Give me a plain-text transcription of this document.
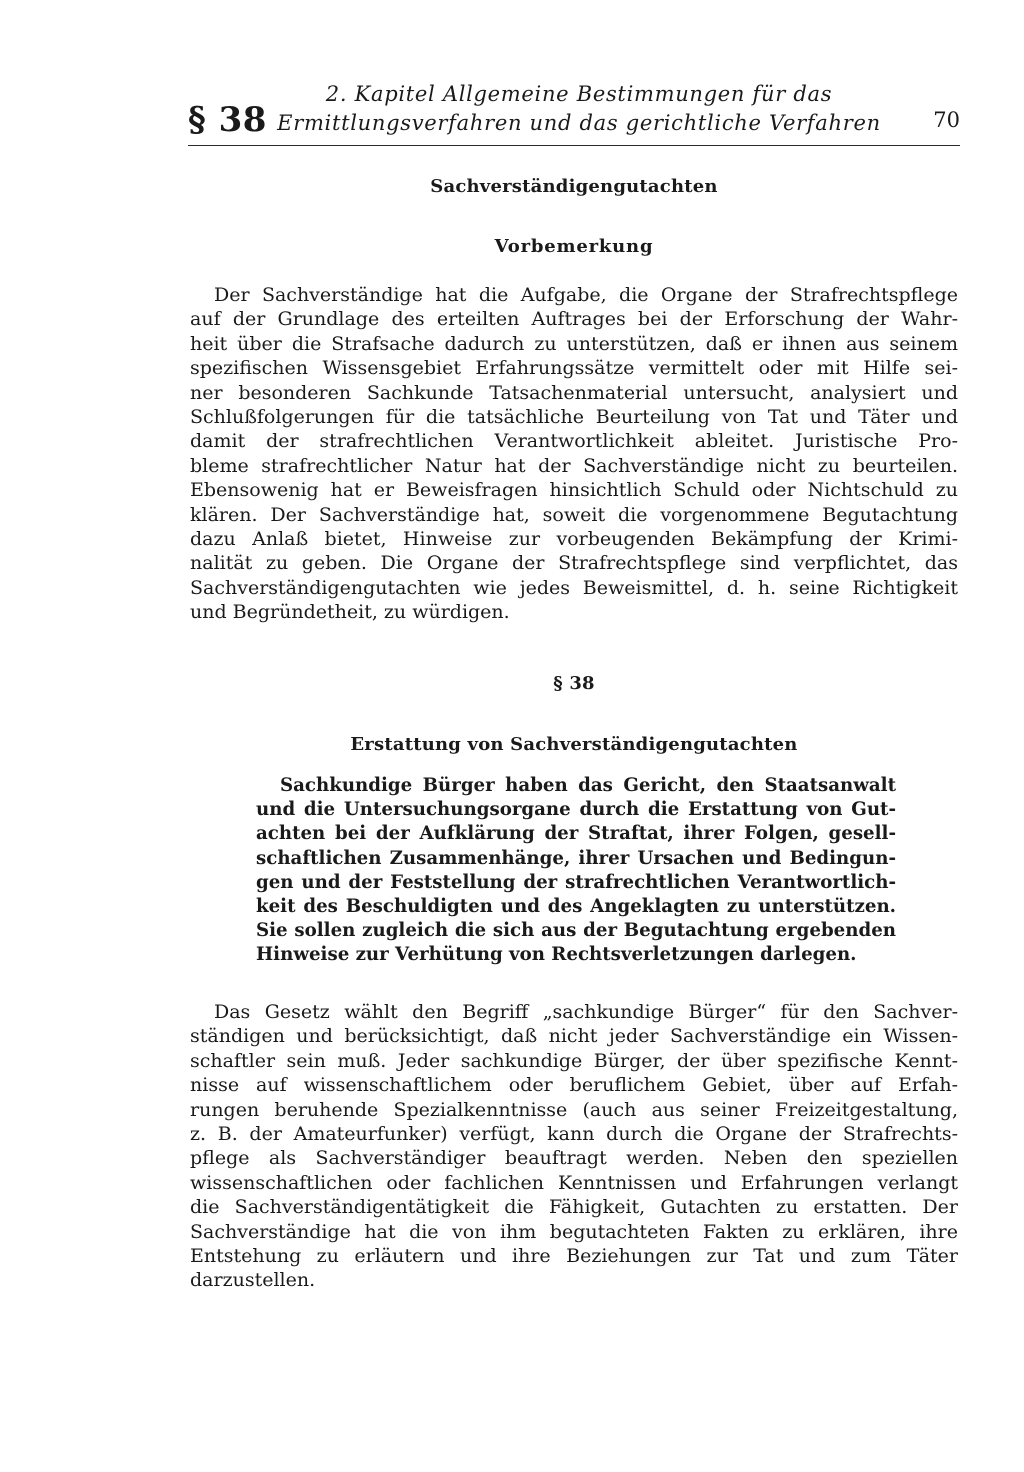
§ 38
2. Kapitel Allgemeine Bestimmungen für das
Ermittlungsverfahren und das gerichtliche Verfahren	70
Sachverständigengutachten
Vorbemerkung
Der Sachverständige hat die Aufgabe, die Organe der Strafrechtspflege
auf der Grundlage des erteilten Auftrages bei der Erforschung der Wahr-
heit über die Strafsache dadurch zu unterstützen, daß er ihnen aus seinem
spezifischen Wissensgebiet Erfahrungssätze vermittelt oder mit Hilfe sei-
ner besonderen Sachkunde Tatsachenmaterial untersucht, analysiert und
Schlußfolgerungen für die tatsächliche Beurteilung von Tat und Täter und
damit der strafrechtlichen Verantwortlichkeit ableitet. Juristische Pro-
bleme strafrechtlicher Natur hat der Sachverständige nicht zu beurteilen.
Ebensowenig hat er Beweisfragen hinsichtlich Schuld oder Nichtschuld zu
klären. Der Sachverständige hat, soweit die vorgenommene Begutachtung
dazu Anlaß bietet, Hinweise zur vorbeugenden Bekämpfung der Krimi-
nalität zu geben. Die Organe der Strafrechtspflege sind verpflichtet, das
Sachverständigengutachten wie jedes Beweismittel, d. h. seine Richtigkeit
und Begründetheit, zu würdigen.
§ 38
Erstattung von Sachverständigengutachten
Sachkundige Bürger haben das Gericht, den Staatsanwalt
und die Untersuchungsorgane durch die Erstattung von Gut-
achten bei der Aufklärung der Straftat, ihrer Folgen, gesell-
schaftlichen Zusammenhänge, ihrer Ursachen und Bedingun-
gen und der Feststellung der strafrechtlichen Verantwortlich-
keit des Beschuldigten und des Angeklagten zu unterstützen.
Sie sollen zugleich die sich aus der Begutachtung ergebenden
Hinweise zur Verhütung von Rechtsverletzungen darlegen.
Das Gesetz wählt den Begriff „sachkundige Bürger“ für den Sachver-
ständigen und berücksichtigt, daß nicht jeder Sachverständige ein Wissen-
schaftler sein muß. Jeder sachkundige Bürger, der über spezifische Kennt-
nisse auf wissenschaftlichem oder beruflichem Gebiet, über auf Erfah-
rungen beruhende Spezialkenntnisse (auch aus seiner Freizeitgestaltung,
z. B. der Amateurfunker) verfügt, kann durch die Organe der Strafrechts-
pflege als Sachverständiger beauftragt werden. Neben den speziellen
wissenschaftlichen oder fachlichen Kenntnissen und Erfahrungen verlangt
die Sachverständigentätigkeit die Fähigkeit, Gutachten zu erstatten. Der
Sachverständige hat die von ihm begutachteten Fakten zu erklären, ihre
Entstehung zu erläutern und ihre Beziehungen zur Tat und zum Täter
darzustellen.
